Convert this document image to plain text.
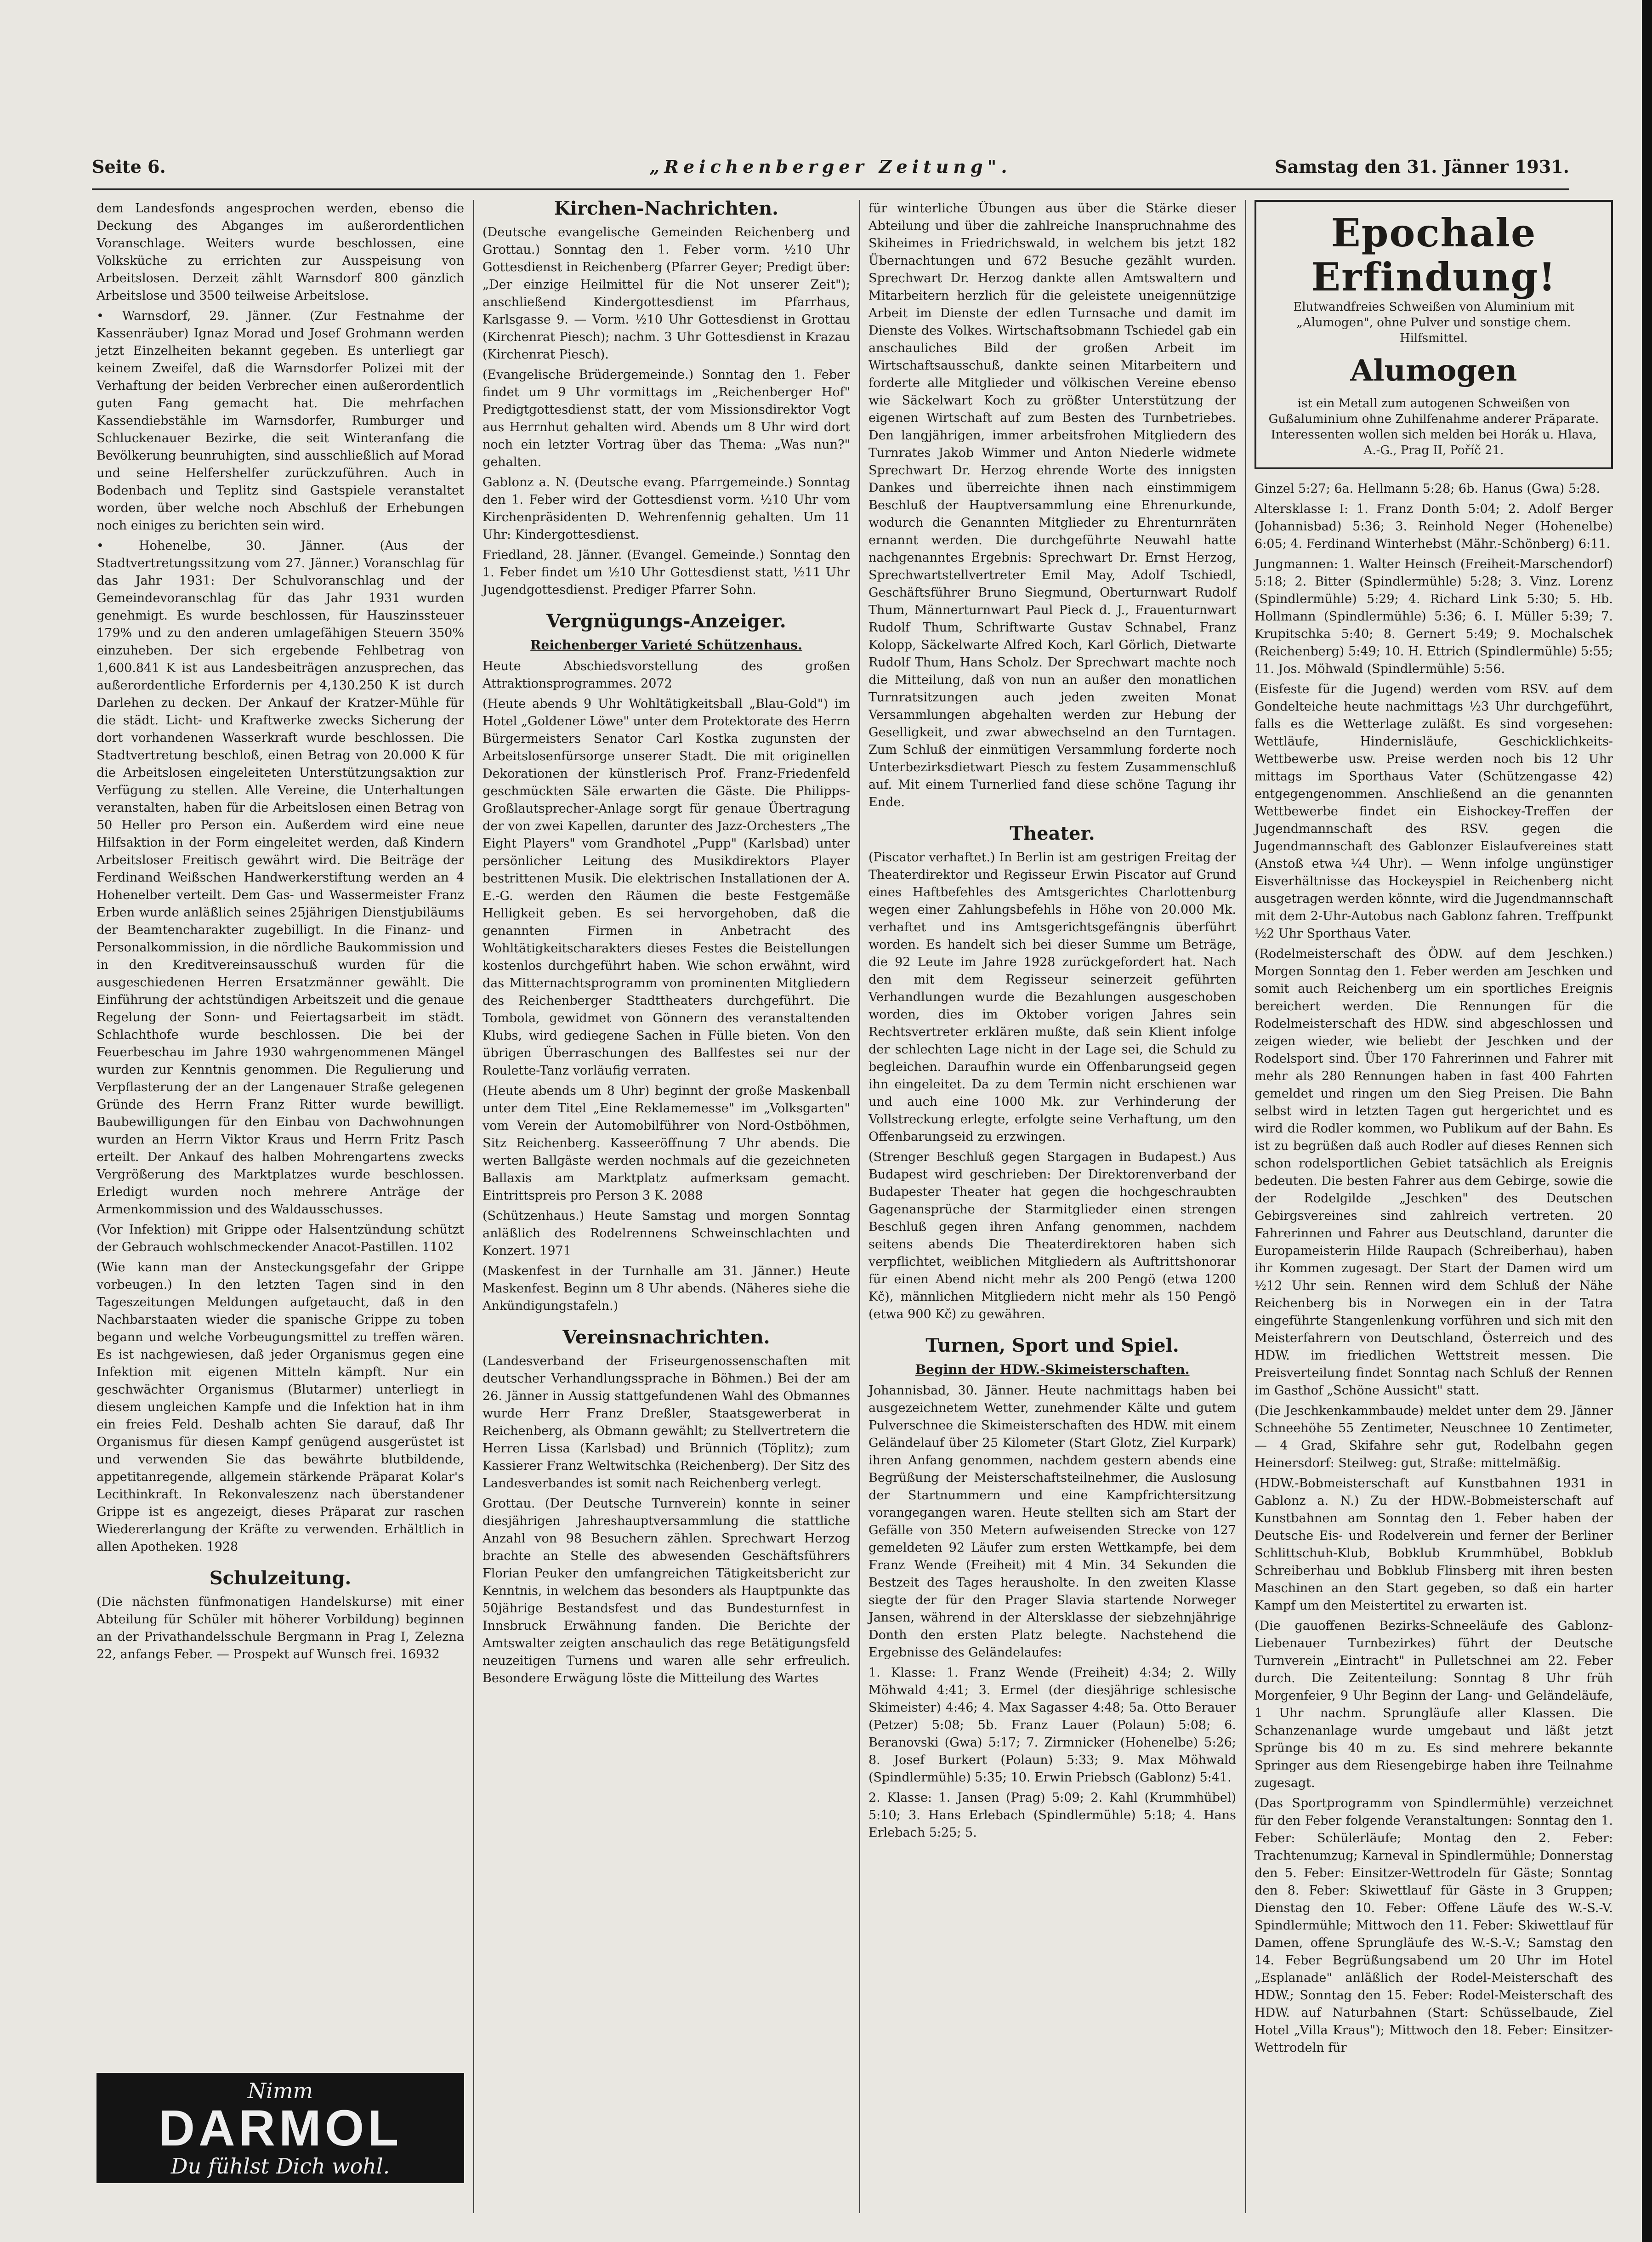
Seite 6.	„Reichenberger Zeitung".	Samstag den 31. Jänner 1931.

dem Landesfonds angesprochen werden, ebenso die Deckung des Abganges im außerordentlichen Voranschlage. Weiters wurde beschlossen, eine Volksküche zu errichten zur Ausspeisung von Arbeitslosen. Derzeit zählt Warnsdorf 800 gänzlich Arbeitslose und 3500 teilweise Arbeitslose.

• Warnsdorf, 29. Jänner. (Zur Festnahme der Kassenräuber) Ignaz Morad und Josef Grohmann werden jetzt Einzelheiten bekannt gegeben. Es unterliegt gar keinem Zweifel, daß die Warnsdorfer Polizei mit der Verhaftung der beiden Verbrecher einen außerordentlich guten Fang gemacht hat. Die mehrfachen Kassendiebstähle im Warnsdorfer, Rumburger und Schluckenauer Bezirke, die seit Winteranfang die Bevölkerung beunruhigten, sind ausschließlich auf Morad und seine Helfershelfer zurückzuführen. Auch in Bodenbach und Teplitz sind Gastspiele veranstaltet worden, über welche noch Abschluß der Erhebungen noch einiges zu berichten sein wird.

• Hohenelbe, 30. Jänner. (Aus der Stadtvertretungssitzung vom 27. Jänner.) Voranschlag für das Jahr 1931: Der Schulvoranschlag und der Gemeindevoranschlag für das Jahr 1931 wurden genehmigt. Es wurde beschlossen, für Hauszinssteuer 179% und zu den anderen umlagefähigen Steuern 350% einzuheben. Der sich ergebende Fehlbetrag von 1,600.841 K ist aus Landesbeiträgen anzusprechen, das außerordentliche Erfordernis per 4,130.250 K ist durch Darlehen zu decken. Der Ankauf der Kratzer-Mühle für die städt. Licht- und Kraftwerke zwecks Sicherung der dort vorhandenen Wasserkraft wurde beschlossen. Die Stadtvertretung beschloß, einen Betrag von 20.000 K für die Arbeitslosen eingeleiteten Unterstützungsaktion zur Verfügung zu stellen. Alle Vereine, die Unterhaltungen veranstalten, haben für die Arbeitslosen einen Betrag von 50 Heller pro Person ein. Außerdem wird eine neue Hilfsaktion in der Form eingeleitet werden, daß Kindern Arbeitsloser Freitisch gewährt wird. Die Beiträge der Ferdinand Weißschen Handwerkerstiftung werden an 4 Hohenelber verteilt. Dem Gas- und Wassermeister Franz Erben wurde anläßlich seines 25jährigen Dienstjubiläums der Beamtencharakter zugebilligt. In die Finanz- und Personalkommission, in die nördliche Baukommission und in den Kreditvereinsausschuß wurden für die ausgeschiedenen Herren Ersatzmänner gewählt. Die Einführung der achtstündigen Arbeitszeit und die genaue Regelung der Sonn- und Feiertagsarbeit im städt. Schlachthofe wurde beschlossen. Die bei der Feuerbeschau im Jahre 1930 wahrgenommenen Mängel wurden zur Kenntnis genommen. Die Regulierung und Verpflasterung der an der Langenauer Straße gelegenen Gründe des Herrn Franz Ritter wurde bewilligt. Baubewilligungen für den Einbau von Dachwohnungen wurden an Herrn Viktor Kraus und Herrn Fritz Pasch erteilt. Der Ankauf des halben Mohrengartens zwecks Vergrößerung des Marktplatzes wurde beschlossen. Erledigt wurden noch mehrere Anträge der Armenkommission und des Waldausschusses.

(Vor Infektion) mit Grippe oder Halsentzündung schützt der Gebrauch wohlschmeckender Anacot-Pastillen. 1102

(Wie kann man der Ansteckungsgefahr der Grippe vorbeugen.) In den letzten Tagen sind in den Tageszeitungen Meldungen aufgetaucht, daß in den Nachbarstaaten wieder die spanische Grippe zu toben begann und welche Vorbeugungsmittel zu treffen wären. Es ist nachgewiesen, daß jeder Organismus gegen eine Infektion mit eigenen Mitteln kämpft. Nur ein geschwächter Organismus (Blutarmer) unterliegt in diesem ungleichen Kampfe und die Infektion hat in ihm ein freies Feld. Deshalb achten Sie darauf, daß Ihr Organismus für diesen Kampf genügend ausgerüstet ist und verwenden Sie das bewährte blutbildende, appetitanregende, allgemein stärkende Präparat Kolar's Lecithinkraft. In Rekonvaleszenz nach überstandener Grippe ist es angezeigt, dieses Präparat zur raschen Wiedererlangung der Kräfte zu verwenden. Erhältlich in allen Apotheken. 1928

Schulzeitung.

(Die nächsten fünfmonatigen Handelskurse) mit einer Abteilung für Schüler mit höherer Vorbildung) beginnen an der Privathandelsschule Bergmann in Prag I, Zelezna 22, anfangs Feber. — Prospekt auf Wunsch frei. 16932

Nimm
DARMOL
Du fühlst Dich wohl.
Kirchen-Nachrichten.

(Deutsche evangelische Gemeinden Reichenberg und Grottau.) Sonntag den 1. Feber vorm. ½10 Uhr Gottesdienst in Reichenberg (Pfarrer Geyer; Predigt über: „Der einzige Heilmittel für die Not unserer Zeit"); anschließend Kindergottesdienst im Pfarrhaus, Karlsgasse 9. — Vorm. ½10 Uhr Gottesdienst in Grottau (Kirchenrat Piesch); nachm. 3 Uhr Gottesdienst in Krazau (Kirchenrat Piesch).

(Evangelische Brüdergemeinde.) Sonntag den 1. Feber findet um 9 Uhr vormittags im „Reichenberger Hof" Predigtgottesdienst statt, der vom Missionsdirektor Vogt aus Herrnhut gehalten wird. Abends um 8 Uhr wird dort noch ein letzter Vortrag über das Thema: „Was nun?" gehalten.

Gablonz a. N. (Deutsche evang. Pfarrgemeinde.) Sonntag den 1. Feber wird der Gottesdienst vorm. ½10 Uhr vom Kirchenpräsidenten D. Wehrenfennig gehalten. Um 11 Uhr: Kindergottesdienst.

Friedland, 28. Jänner. (Evangel. Gemeinde.) Sonntag den 1. Feber findet um ½10 Uhr Gottesdienst statt, ½11 Uhr Jugendgottesdienst. Prediger Pfarrer Sohn.

Vergnügungs-Anzeiger.
Reichenberger Varieté Schützenhaus.

Heute Abschiedsvorstellung des großen Attraktionsprogrammes. 2072

(Heute abends 9 Uhr Wohltätigkeitsball „Blau-Gold") im Hotel „Goldener Löwe" unter dem Protektorate des Herrn Bürgermeisters Senator Carl Kostka zugunsten der Arbeitslosenfürsorge unserer Stadt. Die mit originellen Dekorationen der künstlerisch Prof. Franz-Friedenfeld geschmückten Säle erwarten die Gäste. Die Philipps-Großlautsprecher-Anlage sorgt für genaue Übertragung der von zwei Kapellen, darunter des Jazz-Orchesters „The Eight Players" vom Grandhotel „Pupp" (Karlsbad) unter persönlicher Leitung des Musikdirektors Player bestrittenen Musik. Die elektrischen Installationen der A. E.-G. werden den Räumen die beste Festgemäße Helligkeit geben. Es sei hervorgehoben, daß die genannten Firmen in Anbetracht des Wohltätigkeitscharakters dieses Festes die Beistellungen kostenlos durchgeführt haben. Wie schon erwähnt, wird das Mitternachtsprogramm von prominenten Mitgliedern des Reichenberger Stadttheaters durchgeführt. Die Tombola, gewidmet von Gönnern des veranstaltenden Klubs, wird gediegene Sachen in Fülle bieten. Von den übrigen Überraschungen des Ballfestes sei nur der Roulette-Tanz vorläufig verraten.

(Heute abends um 8 Uhr) beginnt der große Maskenball unter dem Titel „Eine Reklamemesse" im „Volksgarten" vom Verein der Automobilführer von Nord-Ostböhmen, Sitz Reichenberg. Kasseeröffnung 7 Uhr abends. Die werten Ballgäste werden nochmals auf die gezeichneten Ballaxis am Marktplatz aufmerksam gemacht. Eintrittspreis pro Person 3 K. 2088

(Schützenhaus.) Heute Samstag und morgen Sonntag anläßlich des Rodelrennens Schweinschlachten und Konzert. 1971

(Maskenfest in der Turnhalle am 31. Jänner.) Heute Maskenfest. Beginn um 8 Uhr abends. (Näheres siehe die Ankündigungstafeln.)

Vereinsnachrichten.

(Landesverband der Friseurgenossenschaften mit deutscher Verhandlungssprache in Böhmen.) Bei der am 26. Jänner in Aussig stattgefundenen Wahl des Obmannes wurde Herr Franz Dreßler, Staatsgewerberat in Reichenberg, als Obmann gewählt; zu Stellvertretern die Herren Lissa (Karlsbad) und Brünnich (Töplitz); zum Kassierer Franz Weltwitschka (Reichenberg). Der Sitz des Landesverbandes ist somit nach Reichenberg verlegt.

Grottau. (Der Deutsche Turnverein) konnte in seiner diesjährigen Jahreshauptversammlung die stattliche Anzahl von 98 Besuchern zählen. Sprechwart Herzog brachte an Stelle des abwesenden Geschäftsführers Florian Peuker den umfangreichen Tätigkeitsbericht zur Kenntnis, in welchem das besonders als Hauptpunkte das 50jährige Bestandsfest und das Bundesturnfest in Innsbruck Erwähnung fanden. Die Berichte der Amtswalter zeigten anschaulich das rege Betätigungsfeld neuzeitigen Turnens und waren alle sehr erfreulich. Besondere Erwägung löste die Mitteilung des Wartes

für winterliche Übungen aus über die Stärke dieser Abteilung und über die zahlreiche Inanspruchnahme des Skiheimes in Friedrichswald, in welchem bis jetzt 182 Übernachtungen und 672 Besuche gezählt wurden. Sprechwart Dr. Herzog dankte allen Amtswaltern und Mitarbeitern herzlich für die geleistete uneigennützige Arbeit im Dienste der edlen Turnsache und damit im Dienste des Volkes. Wirtschaftsobmann Tschiedel gab ein anschauliches Bild der großen Arbeit im Wirtschaftsausschuß, dankte seinen Mitarbeitern und forderte alle Mitglieder und völkischen Vereine ebenso wie Säckelwart Koch zu größter Unterstützung der eigenen Wirtschaft auf zum Besten des Turnbetriebes. Den langjährigen, immer arbeitsfrohen Mitgliedern des Turnrates Jakob Wimmer und Anton Niederle widmete Sprechwart Dr. Herzog ehrende Worte des innigsten Dankes und überreichte ihnen nach einstimmigem Beschluß der Hauptversammlung eine Ehrenurkunde, wodurch die Genannten Mitglieder zu Ehrenturnräten ernannt werden. Die durchgeführte Neuwahl hatte nachgenanntes Ergebnis: Sprechwart Dr. Ernst Herzog, Sprechwartstellvertreter Emil May, Adolf Tschiedl, Geschäftsführer Bruno Siegmund, Oberturnwart Rudolf Thum, Männerturnwart Paul Pieck d. J., Frauenturnwart Rudolf Thum, Schriftwarte Gustav Schnabel, Franz Kolopp, Säckelwarte Alfred Koch, Karl Görlich, Dietwarte Rudolf Thum, Hans Scholz. Der Sprechwart machte noch die Mitteilung, daß von nun an außer den monatlichen Turnratsitzungen auch jeden zweiten Monat Versammlungen abgehalten werden zur Hebung der Geselligkeit, und zwar abwechselnd an den Turntagen. Zum Schluß der einmütigen Versammlung forderte noch Unterbezirksdietwart Piesch zu festem Zusammenschluß auf. Mit einem Turnerlied fand diese schöne Tagung ihr Ende.

Theater.

(Piscator verhaftet.) In Berlin ist am gestrigen Freitag der Theaterdirektor und Regisseur Erwin Piscator auf Grund eines Haftbefehles des Amtsgerichtes Charlottenburg wegen einer Zahlungsbefehls in Höhe von 20.000 Mk. verhaftet und ins Amtsgerichtsgefängnis überführt worden. Es handelt sich bei dieser Summe um Beträge, die 92 Leute im Jahre 1928 zurückgefordert hat. Nach den mit dem Regisseur seinerzeit geführten Verhandlungen wurde die Bezahlungen ausgeschoben worden, dies im Oktober vorigen Jahres sein Rechtsvertreter erklären mußte, daß sein Klient infolge der schlechten Lage nicht in der Lage sei, die Schuld zu begleichen. Daraufhin wurde ein Offenbarungseid gegen ihn eingeleitet. Da zu dem Termin nicht erschienen war und auch eine 1000 Mk. zur Verhinderung der Vollstreckung erlegte, erfolgte seine Verhaftung, um den Offenbarungseid zu erzwingen.

(Strenger Beschluß gegen Stargagen in Budapest.) Aus Budapest wird geschrieben: Der Direktorenverband der Budapester Theater hat gegen die hochgeschraubten Gagenansprüche der Starmitglieder einen strengen Beschluß gegen ihren Anfang genommen, nachdem seitens abends Die Theaterdirektoren haben sich verpflichtet, weiblichen Mitgliedern als Auftrittshonorar für einen Abend nicht mehr als 200 Pengö (etwa 1200 Kč), männlichen Mitgliedern nicht mehr als 150 Pengö (etwa 900 Kč) zu gewähren.

Turnen, Sport und Spiel.
Beginn der HDW.-Skimeisterschaften.

Johannisbad, 30. Jänner. Heute nachmittags haben bei ausgezeichnetem Wetter, zunehmender Kälte und gutem Pulverschnee die Skimeisterschaften des HDW. mit einem Geländelauf über 25 Kilometer (Start Glotz, Ziel Kurpark) ihren Anfang genommen, nachdem gestern abends eine Begrüßung der Meisterschaftsteilnehmer, die Auslosung der Startnummern und eine Kampfrichtersitzung vorangegangen waren. Heute stellten sich am Start der Gefälle von 350 Metern aufweisenden Strecke von 127 gemeldeten 92 Läufer zum ersten Wettkampfe, bei dem Franz Wende (Freiheit) mit 4 Min. 34 Sekunden die Bestzeit des Tages herausholte. In den zweiten Klasse siegte der für den Prager Slavia startende Norweger Jansen, während in der Altersklasse der siebzehnjährige Donth den ersten Platz belegte. Nachstehend die Ergebnisse des Geländelaufes:

1. Klasse: 1. Franz Wende (Freiheit) 4:34; 2. Willy Möhwald 4:41; 3. Ermel (der diesjährige schlesische Skimeister) 4:46; 4. Max Sagasser 4:48; 5a. Otto Berauer (Petzer) 5:08; 5b. Franz Lauer (Polaun) 5:08; 6. Beranovski (Gwa) 5:17; 7. Zirmnicker (Hohenelbe) 5:26; 8. Josef Burkert (Polaun) 5:33; 9. Max Möhwald (Spindlermühle) 5:35; 10. Erwin Priebsch (Gablonz) 5:41.

2. Klasse: 1. Jansen (Prag) 5:09; 2. Kahl (Krummhübel) 5:10; 3. Hans Erlebach (Spindlermühle) 5:18; 4. Hans Erlebach 5:25; 5.

Epochale Erfindung!
Elutwandfreies Schweißen von Aluminium mit „Alumogen", ohne Pulver und sonstige chem. Hilfsmittel.
Alumogen
ist ein Metall zum autogenen Schweißen von Gußaluminium ohne Zuhilfenahme anderer Präparate. Interessenten wollen sich melden bei Horák u. Hlava, A.-G., Prag II, Poříč 21.

Ginzel 5:27; 6a. Hellmann 5:28; 6b. Hanus (Gwa) 5:28.

Altersklasse I: 1. Franz Donth 5:04; 2. Adolf Berger (Johannisbad) 5:36; 3. Reinhold Neger (Hohenelbe) 6:05; 4. Ferdinand Winterhebst (Mähr.-Schönberg) 6:11.

Jungmannen: 1. Walter Heinsch (Freiheit-Marschendorf) 5:18; 2. Bitter (Spindlermühle) 5:28; 3. Vinz. Lorenz (Spindlermühle) 5:29; 4. Richard Link 5:30; 5. Hb. Hollmann (Spindlermühle) 5:36; 6. I. Müller 5:39; 7. Krupitschka 5:40; 8. Gernert 5:49; 9. Mochalschek (Reichenberg) 5:49; 10. H. Ettrich (Spindlermühle) 5:55; 11. Jos. Möhwald (Spindlermühle) 5:56.

(Eisfeste für die Jugend) werden vom RSV. auf dem Gondelteiche heute nachmittags ½3 Uhr durchgeführt, falls es die Wetterlage zuläßt. Es sind vorgesehen: Wettläufe, Hindernisläufe, Geschicklichkeits-Wettbewerbe usw. Preise werden noch bis 12 Uhr mittags im Sporthaus Vater (Schützengasse 42) entgegengenommen. Anschließend an die genannten Wettbewerbe findet ein Eishockey-Treffen der Jugendmannschaft des RSV. gegen die Jugendmannschaft des Gablonzer Eislaufvereines statt (Anstoß etwa ¼4 Uhr). — Wenn infolge ungünstiger Eisverhältnisse das Hockeyspiel in Reichenberg nicht ausgetragen werden könnte, wird die Jugendmannschaft mit dem 2-Uhr-Autobus nach Gablonz fahren. Treffpunkt ½2 Uhr Sporthaus Vater.

(Rodelmeisterschaft des ÖDW. auf dem Jeschken.) Morgen Sonntag den 1. Feber werden am Jeschken und somit auch Reichenberg um ein sportliches Ereignis bereichert werden. Die Rennungen für die Rodelmeisterschaft des HDW. sind abgeschlossen und zeigen wieder, wie beliebt der Jeschken und der Rodelsport sind. Über 170 Fahrerinnen und Fahrer mit mehr als 280 Rennungen haben in fast 400 Fahrten gemeldet und ringen um den Sieg Preisen. Die Bahn selbst wird in letzten Tagen gut hergerichtet und es wird die Rodler kommen, wo Publikum auf der Bahn. Es ist zu begrüßen daß auch Rodler auf dieses Rennen sich schon rodelsportlichen Gebiet tatsächlich als Ereignis bedeuten. Die besten Fahrer aus dem Gebirge, sowie die der Rodelgilde „Jeschken" des Deutschen Gebirgsvereines sind zahlreich vertreten. 20 Fahrerinnen und Fahrer aus Deutschland, darunter die Europameisterin Hilde Raupach (Schreiberhau), haben ihr Kommen zugesagt. Der Start der Damen wird um ½12 Uhr sein. Rennen wird dem Schluß der Nähe Reichenberg bis in Norwegen ein in der Tatra eingeführte Stangenlenkung vorführen und sich mit den Meisterfahrern von Deutschland, Österreich und des HDW. im friedlichen Wettstreit messen. Die Preisverteilung findet Sonntag nach Schluß der Rennen im Gasthof „Schöne Aussicht" statt.

(Die Jeschkenkammbaude) meldet unter dem 29. Jänner Schneehöhe 55 Zentimeter, Neuschnee 10 Zentimeter, — 4 Grad, Skifahre sehr gut, Rodelbahn gegen Heinersdorf: Steilweg: gut, Straße: mittelmäßig.

(HDW.-Bobmeisterschaft auf Kunstbahnen 1931 in Gablonz a. N.) Zu der HDW.-Bobmeisterschaft auf Kunstbahnen am Sonntag den 1. Feber haben der Deutsche Eis- und Rodelverein und ferner der Berliner Schlittschuh-Klub, Bobklub Krummhübel, Bobklub Schreiberhau und Bobklub Flinsberg mit ihren besten Maschinen an den Start gegeben, so daß ein harter Kampf um den Meistertitel zu erwarten ist.

(Die gauoffenen Bezirks-Schneeläufe des Gablonz-Liebenauer Turnbezirkes) führt der Deutsche Turnverein „Eintracht" in Pulletschnei am 22. Feber durch. Die Zeitenteilung: Sonntag 8 Uhr früh Morgenfeier, 9 Uhr Beginn der Lang- und Geländeläufe, 1 Uhr nachm. Sprungläufe aller Klassen. Die Schanzenanlage wurde umgebaut und läßt jetzt Sprünge bis 40 m zu. Es sind mehrere bekannte Springer aus dem Riesengebirge haben ihre Teilnahme zugesagt.

(Das Sportprogramm von Spindlermühle) verzeichnet für den Feber folgende Veranstaltungen: Sonntag den 1. Feber: Schülerläufe; Montag den 2. Feber: Trachtenumzug; Karneval in Spindlermühle; Donnerstag den 5. Feber: Einsitzer-Wettrodeln für Gäste; Sonntag den 8. Feber: Skiwettlauf für Gäste in 3 Gruppen; Dienstag den 10. Feber: Offene Läufe des W.-S.-V. Spindlermühle; Mittwoch den 11. Feber: Skiwettlauf für Damen, offene Sprungläufe des W.-S.-V.; Samstag den 14. Feber Begrüßungsabend um 20 Uhr im Hotel „Esplanade" anläßlich der Rodel-Meisterschaft des HDW.; Sonntag den 15. Feber: Rodel-Meisterschaft des HDW. auf Naturbahnen (Start: Schüsselbaude, Ziel Hotel „Villa Kraus"); Mittwoch den 18. Feber: Einsitzer-Wettrodeln für
